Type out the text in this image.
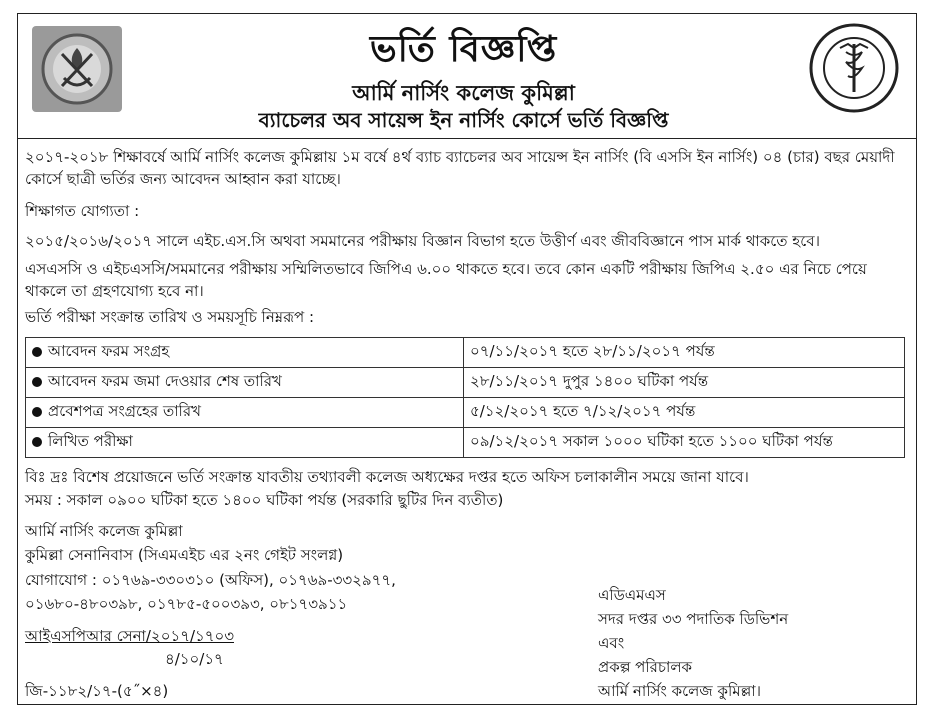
ভর্তি বিজ্ঞপ্তি
আর্মি নার্সিং কলেজ কুমিল্লা
ব্যাচেলর অব সায়েন্স ইন নার্সিং কোর্সে ভর্তি বিজ্ঞপ্তি
২০১৭-২০১৮ শিক্ষাবর্ষে আর্মি নার্সিং কলেজ কুমিল্লায় ১ম বর্ষে ৪র্থ ব্যাচ ব্যাচেলর অব সায়েন্স ইন নার্সিং (বি এসসি ইন নার্সিং) ০৪ (চার) বছর মেয়াদী কোর্সে ছাত্রী ভর্তির জন্য আবেদন আহ্বান করা যাচ্ছে।
শিক্ষাগত যোগ্যতা :
২০১৫/২০১৬/২০১৭ সালে এইচ.এস.সি অথবা সমমানের পরীক্ষায় বিজ্ঞান বিভাগ হতে উত্তীর্ণ এবং জীববিজ্ঞানে পাস মার্ক থাকতে হবে।
এসএসসি ও এইচএসসি/সমমানের পরীক্ষায় সম্মিলিতভাবে জিপিএ ৬.০০ থাকতে হবে। তবে কোন একটি পরীক্ষায় জিপিএ ২.৫০ এর নিচে পেয়ে থাকলে তা গ্রহণযোগ্য হবে না।
ভর্তি পরীক্ষা সংক্রান্ত তারিখ ও সময়সূচি নিম্নরূপ :
আবেদন ফরম সংগ্রহ	০৭/১১/২০১৭ হতে ২৮/১১/২০১৭ পর্যন্ত
আবেদন ফরম জমা দেওয়ার শেষ তারিখ	২৮/১১/২০১৭ দুপুর ১৪০০ ঘটিকা পর্যন্ত
প্রবেশপত্র সংগ্রহের তারিখ	৫/১২/২০১৭ হতে ৭/১২/২০১৭ পর্যন্ত
লিখিত পরীক্ষা	০৯/১২/২০১৭ সকাল ১০০০ ঘটিকা হতে ১১০০ ঘটিকা পর্যন্ত
বিঃ দ্রঃ বিশেষ প্রয়োজনে ভর্তি সংক্রান্ত যাবতীয় তথ্যাবলী কলেজ অধ্যক্ষের দপ্তর হতে অফিস চলাকালীন সময়ে জানা যাবে।
সময় : সকাল ০৯০০ ঘটিকা হতে ১৪০০ ঘটিকা পর্যন্ত (সরকারি ছুটির দিন ব্যতীত)
আর্মি নার্সিং কলেজ কুমিল্লা
কুমিল্লা সেনানিবাস (সিএমএইচ এর ২নং গেইট সংলগ্ন)
যোগাযোগ : ০১৭৬৯-৩৩০৩১০ (অফিস), ০১৭৬৯-৩৩২৯৭৭,
০১৬৮০-৪৮০৩৯৮, ০১৭৮৫-৫০০৩৯৩, ০৮১৭৩৯১১
আইএসপিআর সেনা/২০১৭/১৭০৩
৪/১০/১৭
জি-১১৮২/১৭-(৫˝×৪)
এডিএমএস
সদর দপ্তর ৩৩ পদাতিক ডিভিশন
এবং
প্রকল্প পরিচালক
আর্মি নার্সিং কলেজ কুমিল্লা।
